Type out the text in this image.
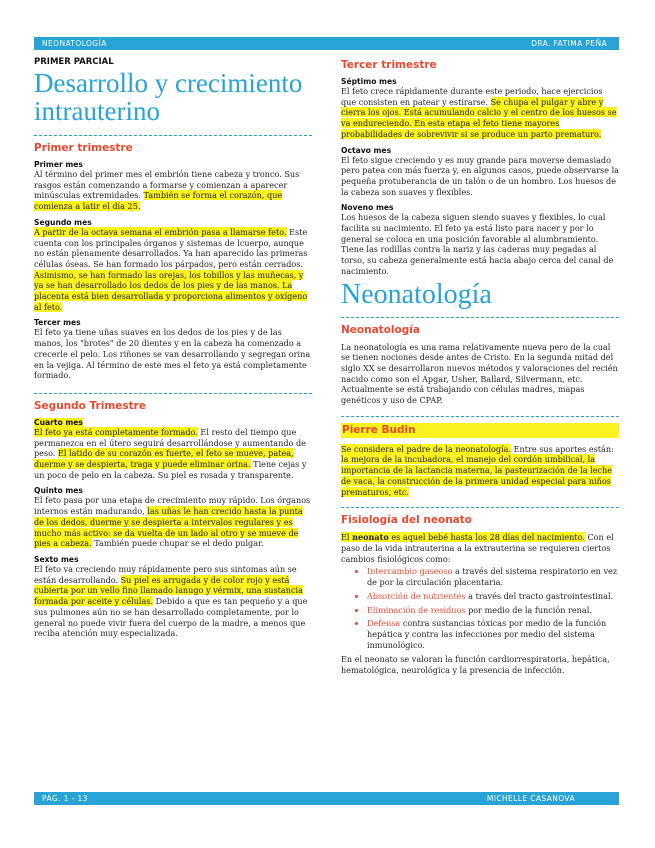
NEONATOLOGÍA	DRA. FATIMA PEÑA
PRIMER PARCIAL
Desarrollo y crecimiento intrauterino
Primer trimestre
Primer mes

Al término del primer mes el embrión tiene cabeza y tronco. Sus rasgos están comenzando a formarse y comienzan a aparecer minúsculas extremidades. También se forma el corazón, que comienza a latir el día 25.

Segundo mes

A partir de la octava semana el embrión pasa a llamarse feto. Este cuenta con los principales órganos y sistemas de lcuerpo, aunque no están plenamente desarrollados. Ya han aparecido las primeras células óseas. Se han formado los párpados, pero están cerrados. Asimismo, se han formado las orejas, los tobillos y las muñecas, y ya se han desarrollado los dedos de los pies y de las manos. La placenta está bien desarrollada y proporciona alimentos y oxígeno al feto.

Tercer mes

El feto ya tiene uñas suaves en los dedos de los pies y de las manos, los "brotes" de 20 dientes y en la cabeza ha comenzado a crecerle el pelo. Los riñones se van desarrollando y segregan orina en la vejiga. Al término de este mes el feto ya está completamente formado.

Segundo Trimestre
Cuarto mes

El feto ya está completamente formado. El resto del tiempo que permanezca en el útero seguirá desarrollándose y aumentando de peso. El latido de su corazón es fuerte, el feto se mueve, patea, duerme y se despierta, traga y puede eliminar orina. Tiene cejas y un poco de pelo en la cabeza. Su piel es rosada y transparente.

Quinto mes

El feto pasa por una etapa de crecimiento muy rápido. Los órganos internos están madurando, las uñas le han crecido hasta la punta de los dedos, duerme y se despierta a intervalos regulares y es mucho más activo: se da vuelta de un lado al otro y se mueve de pies a cabeza. También puede chupar se el dedo pulgar.

Sexto mes

El feto va creciendo muy rápidamente pero sus sintomas aún se están desarrollando. Su piel es arrugada y de color rojo y está cubierta por un vello fino llamado lanugo y vérmix, una sustancia formada por aceite y células. Debido a que es tan pequeño y a que sus pulmones aún no se han desarrollado completamente, por lo general no puede vivir fuera del cuerpo de la madre, a menos que reciba atención muy especializada.

Tercer trimestre
Séptimo mes

El feto crece rápidamente durante este periodo, hace ejercicios que consisten en patear y estirarse. Se chupa el pulgar y abre y cierra los ojos. Está acumulando calcio y el centro de los huesos se va endureciendo. En esta etapa el feto tiene mayores probabilidades de sobrevivir si se produce un parto prematuro.

Octavo mes

El feto sigue creciendo y es muy grande para moverse demasiado pero patea con más fuerza y, en algunos casos, puede observarse la pequeña protuberancia de un talón o de un hombro. Los huesos de la cabeza son suaves y flexibles.

Noveno mes

Los huesos de la cabeza siguen siendo suaves y flexibles, lo cual facilita su nacimiento. El feto ya está listo para nacer y por lo general se coloca en una posición favorable al alumbramiento. Tiene las rodillas contra la nariz y las caderas muy pegadas al torso, su cabeza generalmente está hacia abajo cerca del canal de nacimiento.

Neonatología
Neonatología

La neonatología es una rama relativamente nueva pero de la cual se tienen nociones desde antes de Cristo. En la segunda mitad del siglo XX se desarrollaron nuevos métodos y valoraciones del recién nacido como son el Apgar, Usher, Ballard, Silvermann, etc. Actualmente se está trabajando con células madres, mapas genéticos y uso de CPAP.

Pierre Budin

Se considera el padre de la neonatología. Entre sus aportes están: la mejora de la incubadora, el manejo del cordón umbilical, la importancia de la lactancia materna, la pasteurización de la leche de vaca, la construcción de la primera unidad especial para niños prematuros, etc.

Fisiología del neonato

El neonato es aquel bebé hasta los 28 días del nacimiento. Con el paso de la vida intrauterina a la extrauterina se requieren ciertos cambios fisiológicos como:

• Intercambio gaseoso a través del sistema respiratorio en vez de por la circulación placentaria.
• Absorción de nutrientes a través del tracto gastrointestinal.
• Eliminación de residuos por medio de la función renal.
• Defensa contra sustancias tóxicas por medio de la función hepática y contra las infecciones por medio del sistema inmunológico.

En el neonato se valoran la función cardiorrespiratoria, hepática, hematológica, neurológica y la presencia de infección.

PÁG. 1 - 13	MICHELLE CASANOVA
